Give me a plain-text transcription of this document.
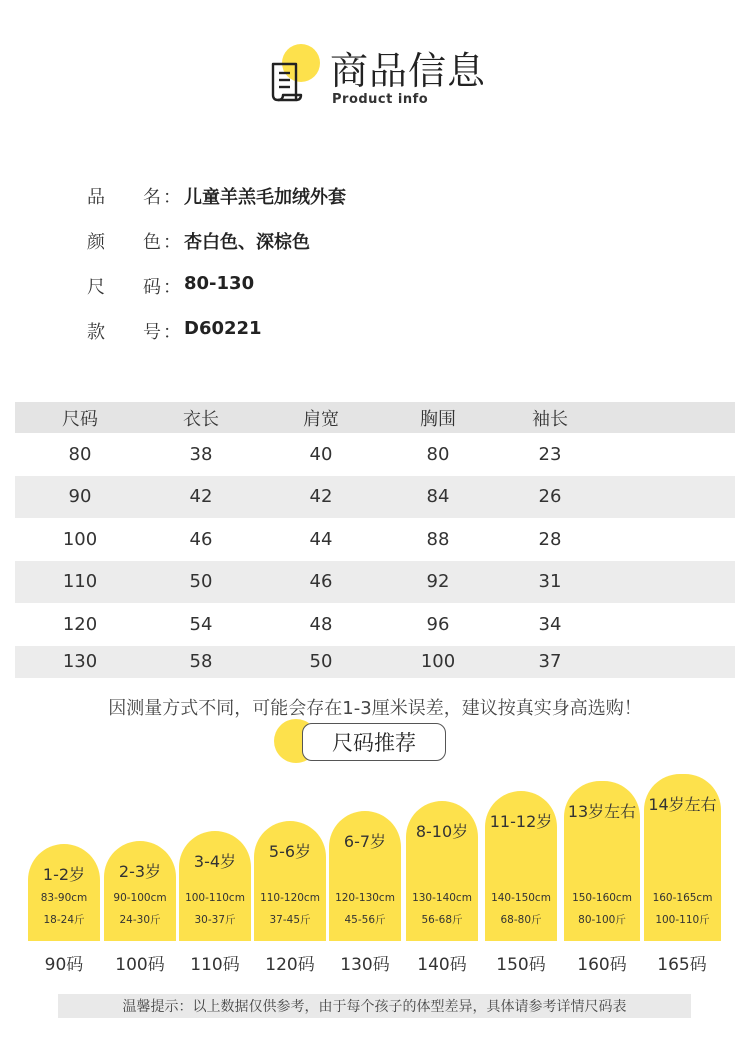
商品信息
Product info
品 名 ： 儿童羊羔毛加绒外套
颜 色 ： 杏白色、深棕色
尺 码 ： 80-130
款 号 ： D60221
尺码	衣长	肩宽	胸围	袖长
80	38	40	80	23
90	42	42	84	26
100	46	44	88	28
110	50	46	92	31
120	54	48	96	34
130	58	50	100	37
因测量方式不同，可能会存在1-3厘米误差，建议按真实身高选购！
尺码推荐
1-2岁
83-90cm
18-24斤
2-3岁
90-100cm
24-30斤
3-4岁
100-110cm
30-37斤
5-6岁
110-120cm
37-45斤
6-7岁
120-130cm
45-56斤
8-10岁
130-140cm
56-68斤
11-12岁
140-150cm
68-80斤
13岁左右
150-160cm
80-100斤
14岁左右
160-165cm
100-110斤
90码	100码	110码	120码	130码	140码	150码	160码	165码
温馨提示：以上数据仅供参考，由于每个孩子的体型差异，具体请参考详情尺码表
